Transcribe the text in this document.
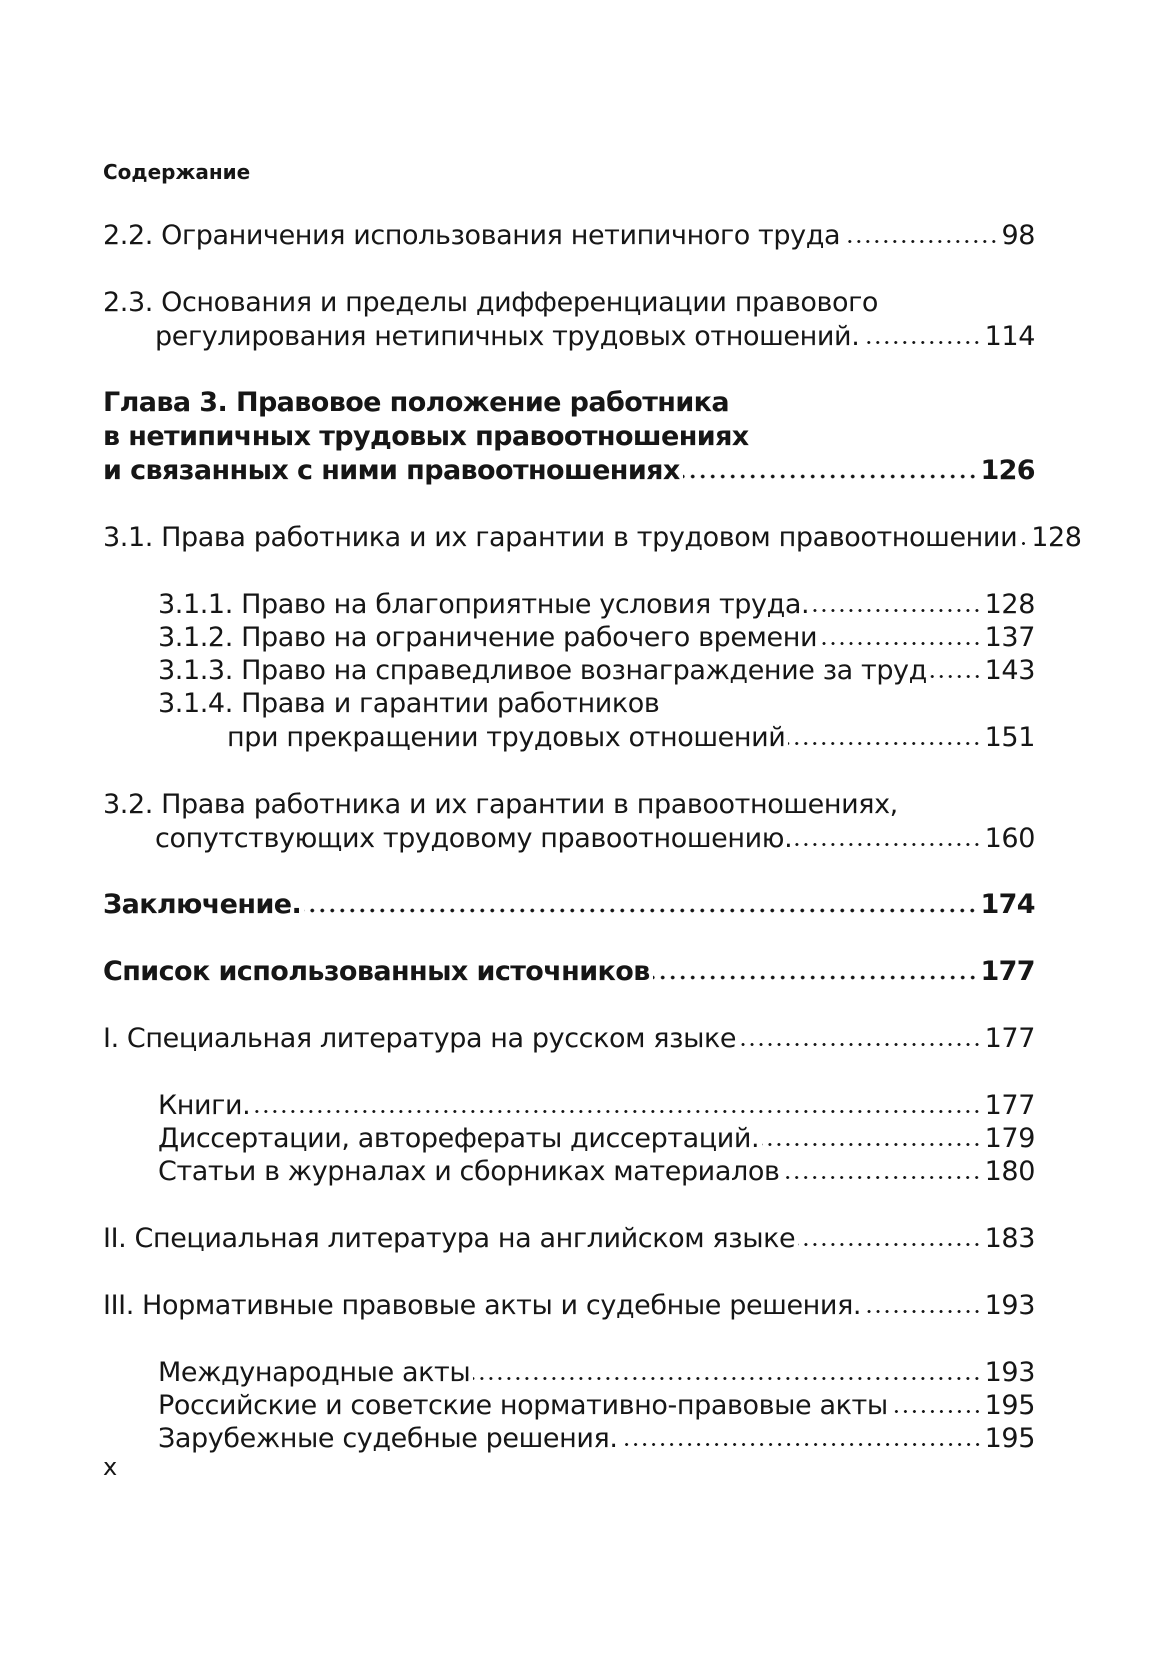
Содержание
2.2. Ограничения использования нетипичного труда	98
2.3. Основания и пределы дифференциации правового
регулирования нетипичных трудовых отношений.	114
Глава 3. Правовое положение работника
в нетипичных трудовых правоотношениях
и связанных с ними правоотношениях	126
3.1. Права работника и их гарантии в трудовом правоотношении 128
3.1.1. Право на благоприятные условия труда.	128
3.1.2. Право на ограничение рабочего времени	137
3.1.3. Право на справедливое вознаграждение за труд 143
3.1.4. Права и гарантии работников
при прекращении трудовых отношений	151
3.2. Права работника и их гарантии в правоотношениях,
сопутствующих трудовому правоотношению.	160
Заключение.	174
Список использованных источников	177
I. Специальная литература на русском языке	177
Книги.	177
Диссертации, авторефераты диссертаций.	179
Статьи в журналах и сборниках материалов	180
II. Специальная литература на английском языке	183
III. Нормативные правовые акты и судебные решения.	193
Международные акты	193
Российские и советские нормативно-правовые акты	195
Зарубежные судебные решения.	195
x
